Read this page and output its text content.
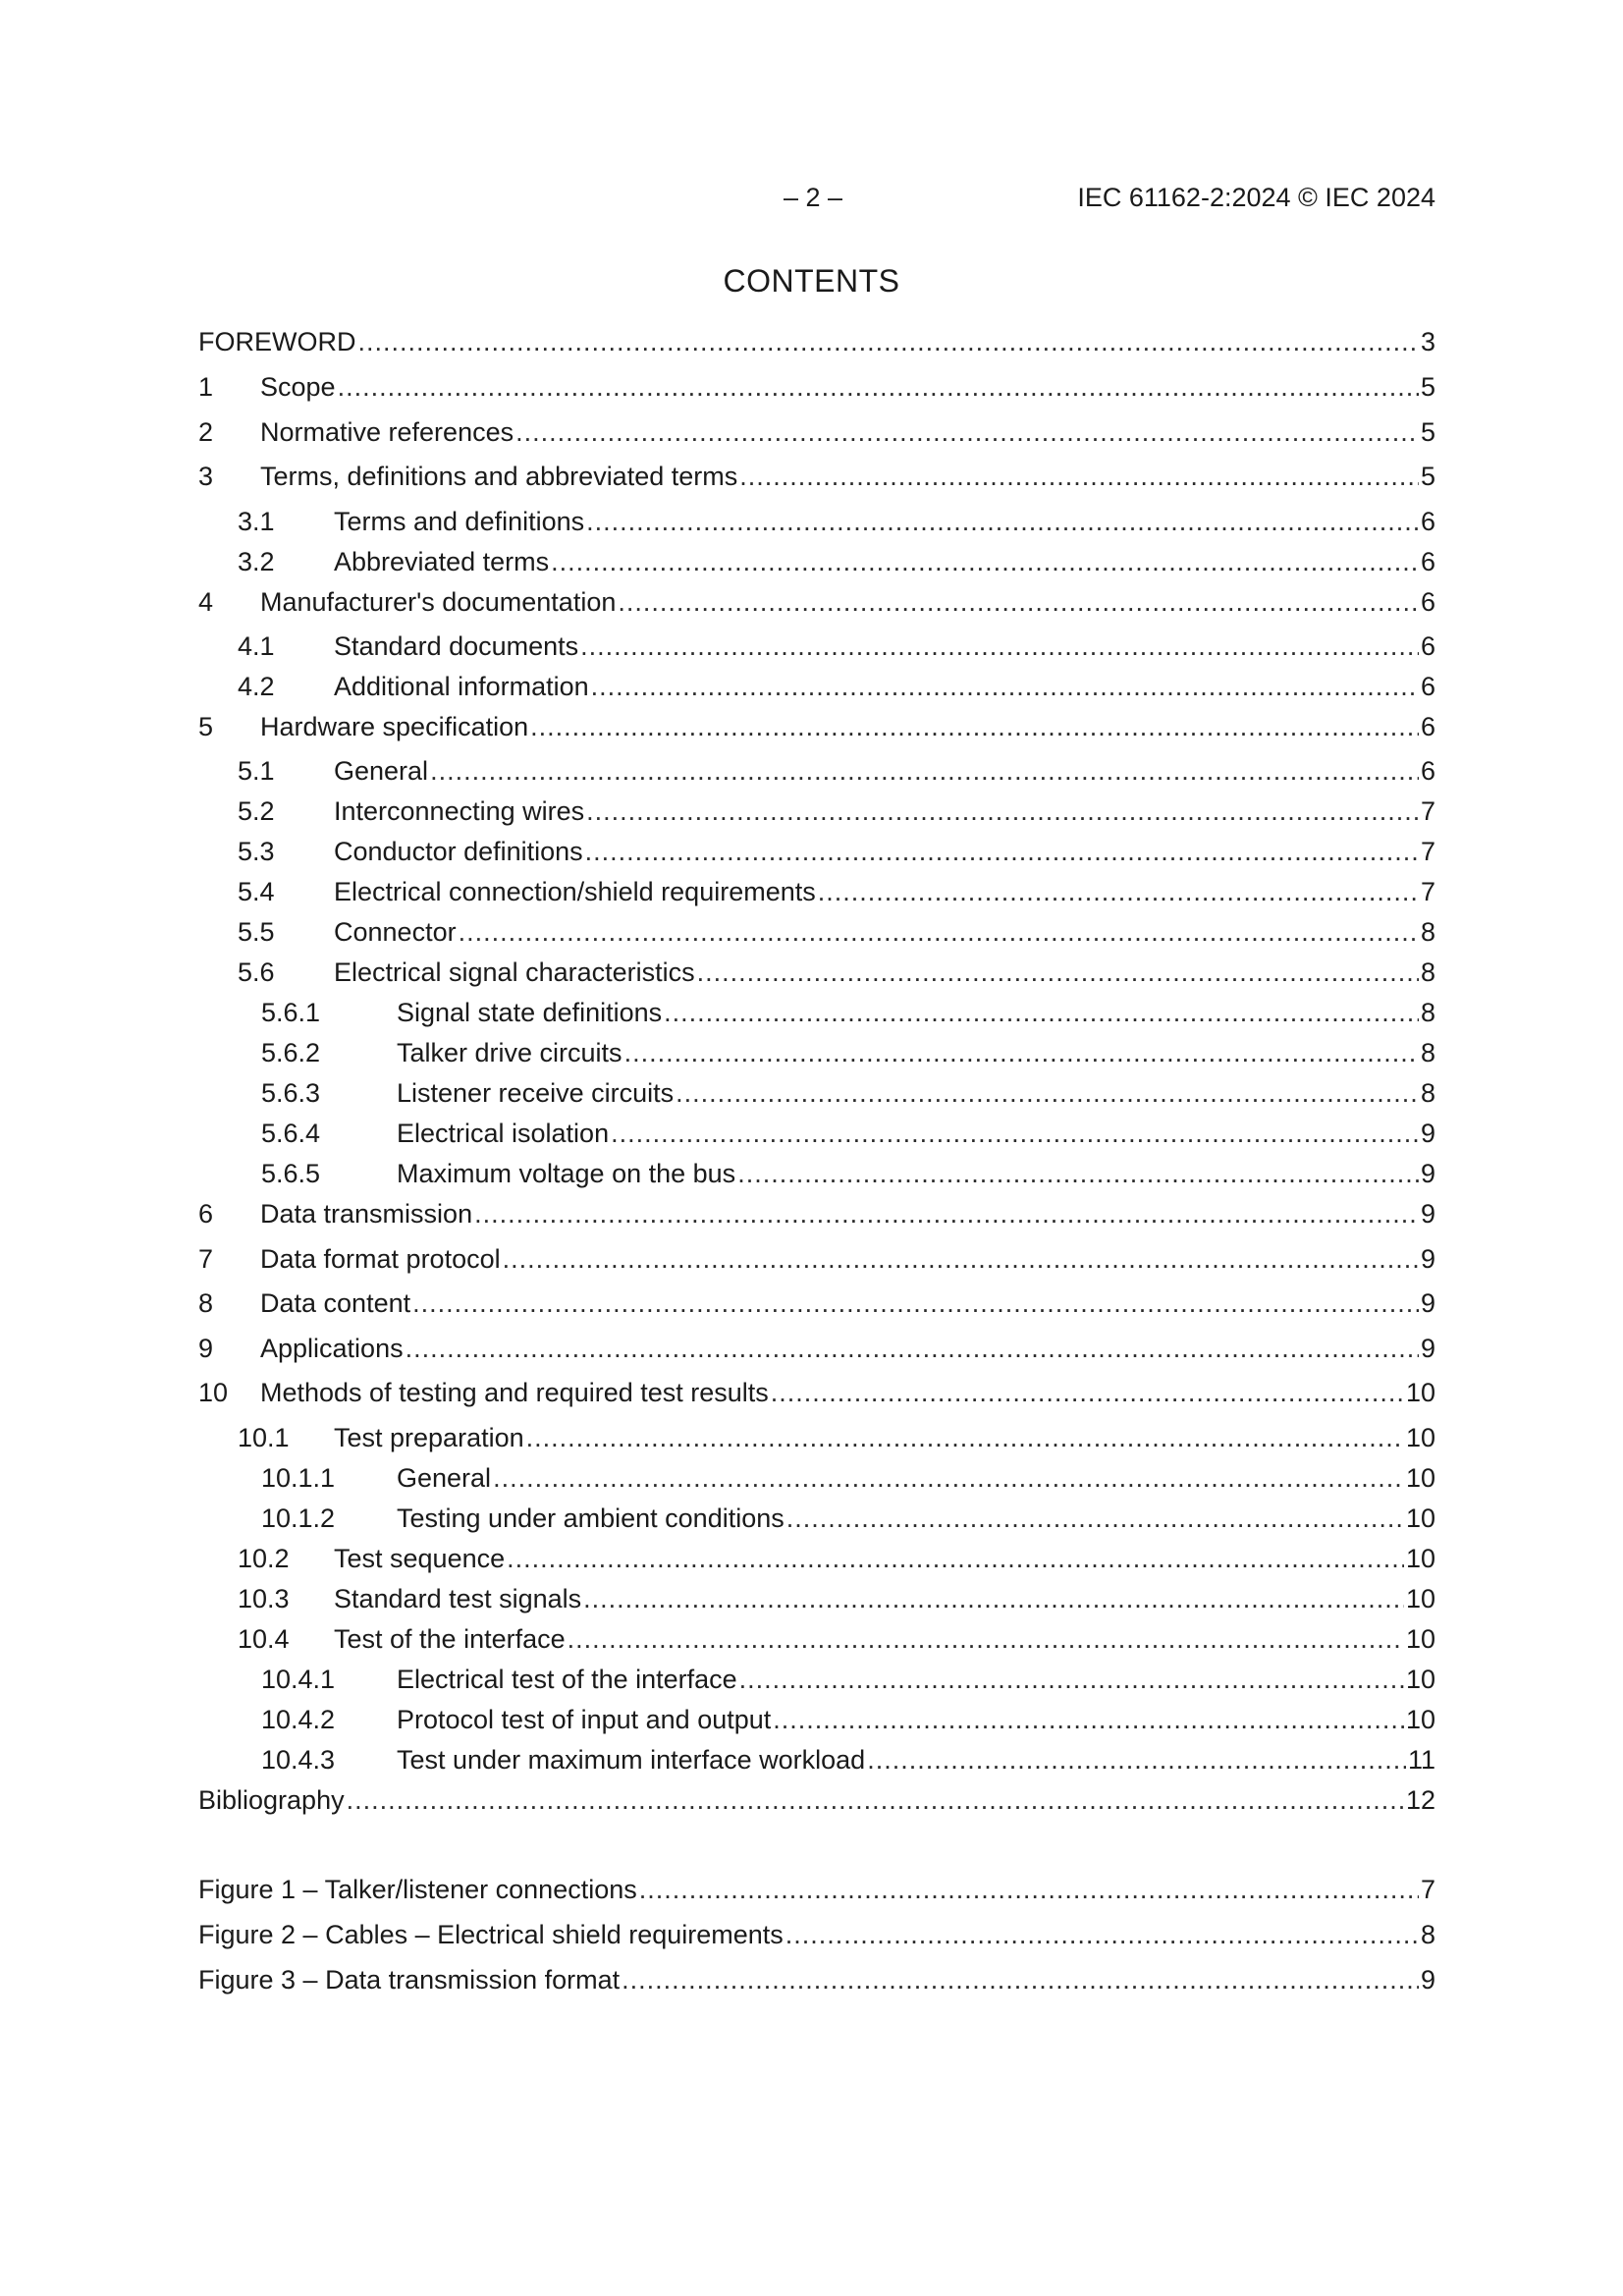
– 2 –	IEC 61162-2:2024 © IEC 2024
CONTENTS
FOREWORD .....	3
1 Scope .....	5
2 Normative references .....	5
3 Terms, definitions and abbreviated terms .....	5
3.1 Terms and definitions .....	6
3.2 Abbreviated terms .....	6
4 Manufacturer's documentation .....	6
4.1 Standard documents .....	6
4.2 Additional information .....	6
5 Hardware specification .....	6
5.1 General .....	6
5.2 Interconnecting wires .....	7
5.3 Conductor definitions .....	7
5.4 Electrical connection/shield requirements .....	7
5.5 Connector .....	8
5.6 Electrical signal characteristics .....	8
5.6.1	Signal state definitions .....	8
5.6.2	Talker drive circuits .....	8
5.6.3	Listener receive circuits .....	8
5.6.4	Electrical isolation .....	9
5.6.5	Maximum voltage on the bus .....	9
6 Data transmission .....	9
7 Data format protocol .....	9
8 Data content .....	9
9 Applications .....	9
10 Methods of testing and required test results .....	10
10.1 Test preparation .....	10
10.1.1 General .....	10
10.1.2 Testing under ambient conditions .....	10
10.2 Test sequence .....	10
10.3 Standard test signals .....	10
10.4 Test of the interface .....	10
10.4.1 Electrical test of the interface .....	10
10.4.2 Protocol test of input and output .....	10
10.4.3 Test under maximum interface workload .....	11
Bibliography .....	12
Figure 1 – Talker/listener connections .....	7
Figure 2 – Cables – Electrical shield requirements .....	8
Figure 3 – Data transmission format .....	9
